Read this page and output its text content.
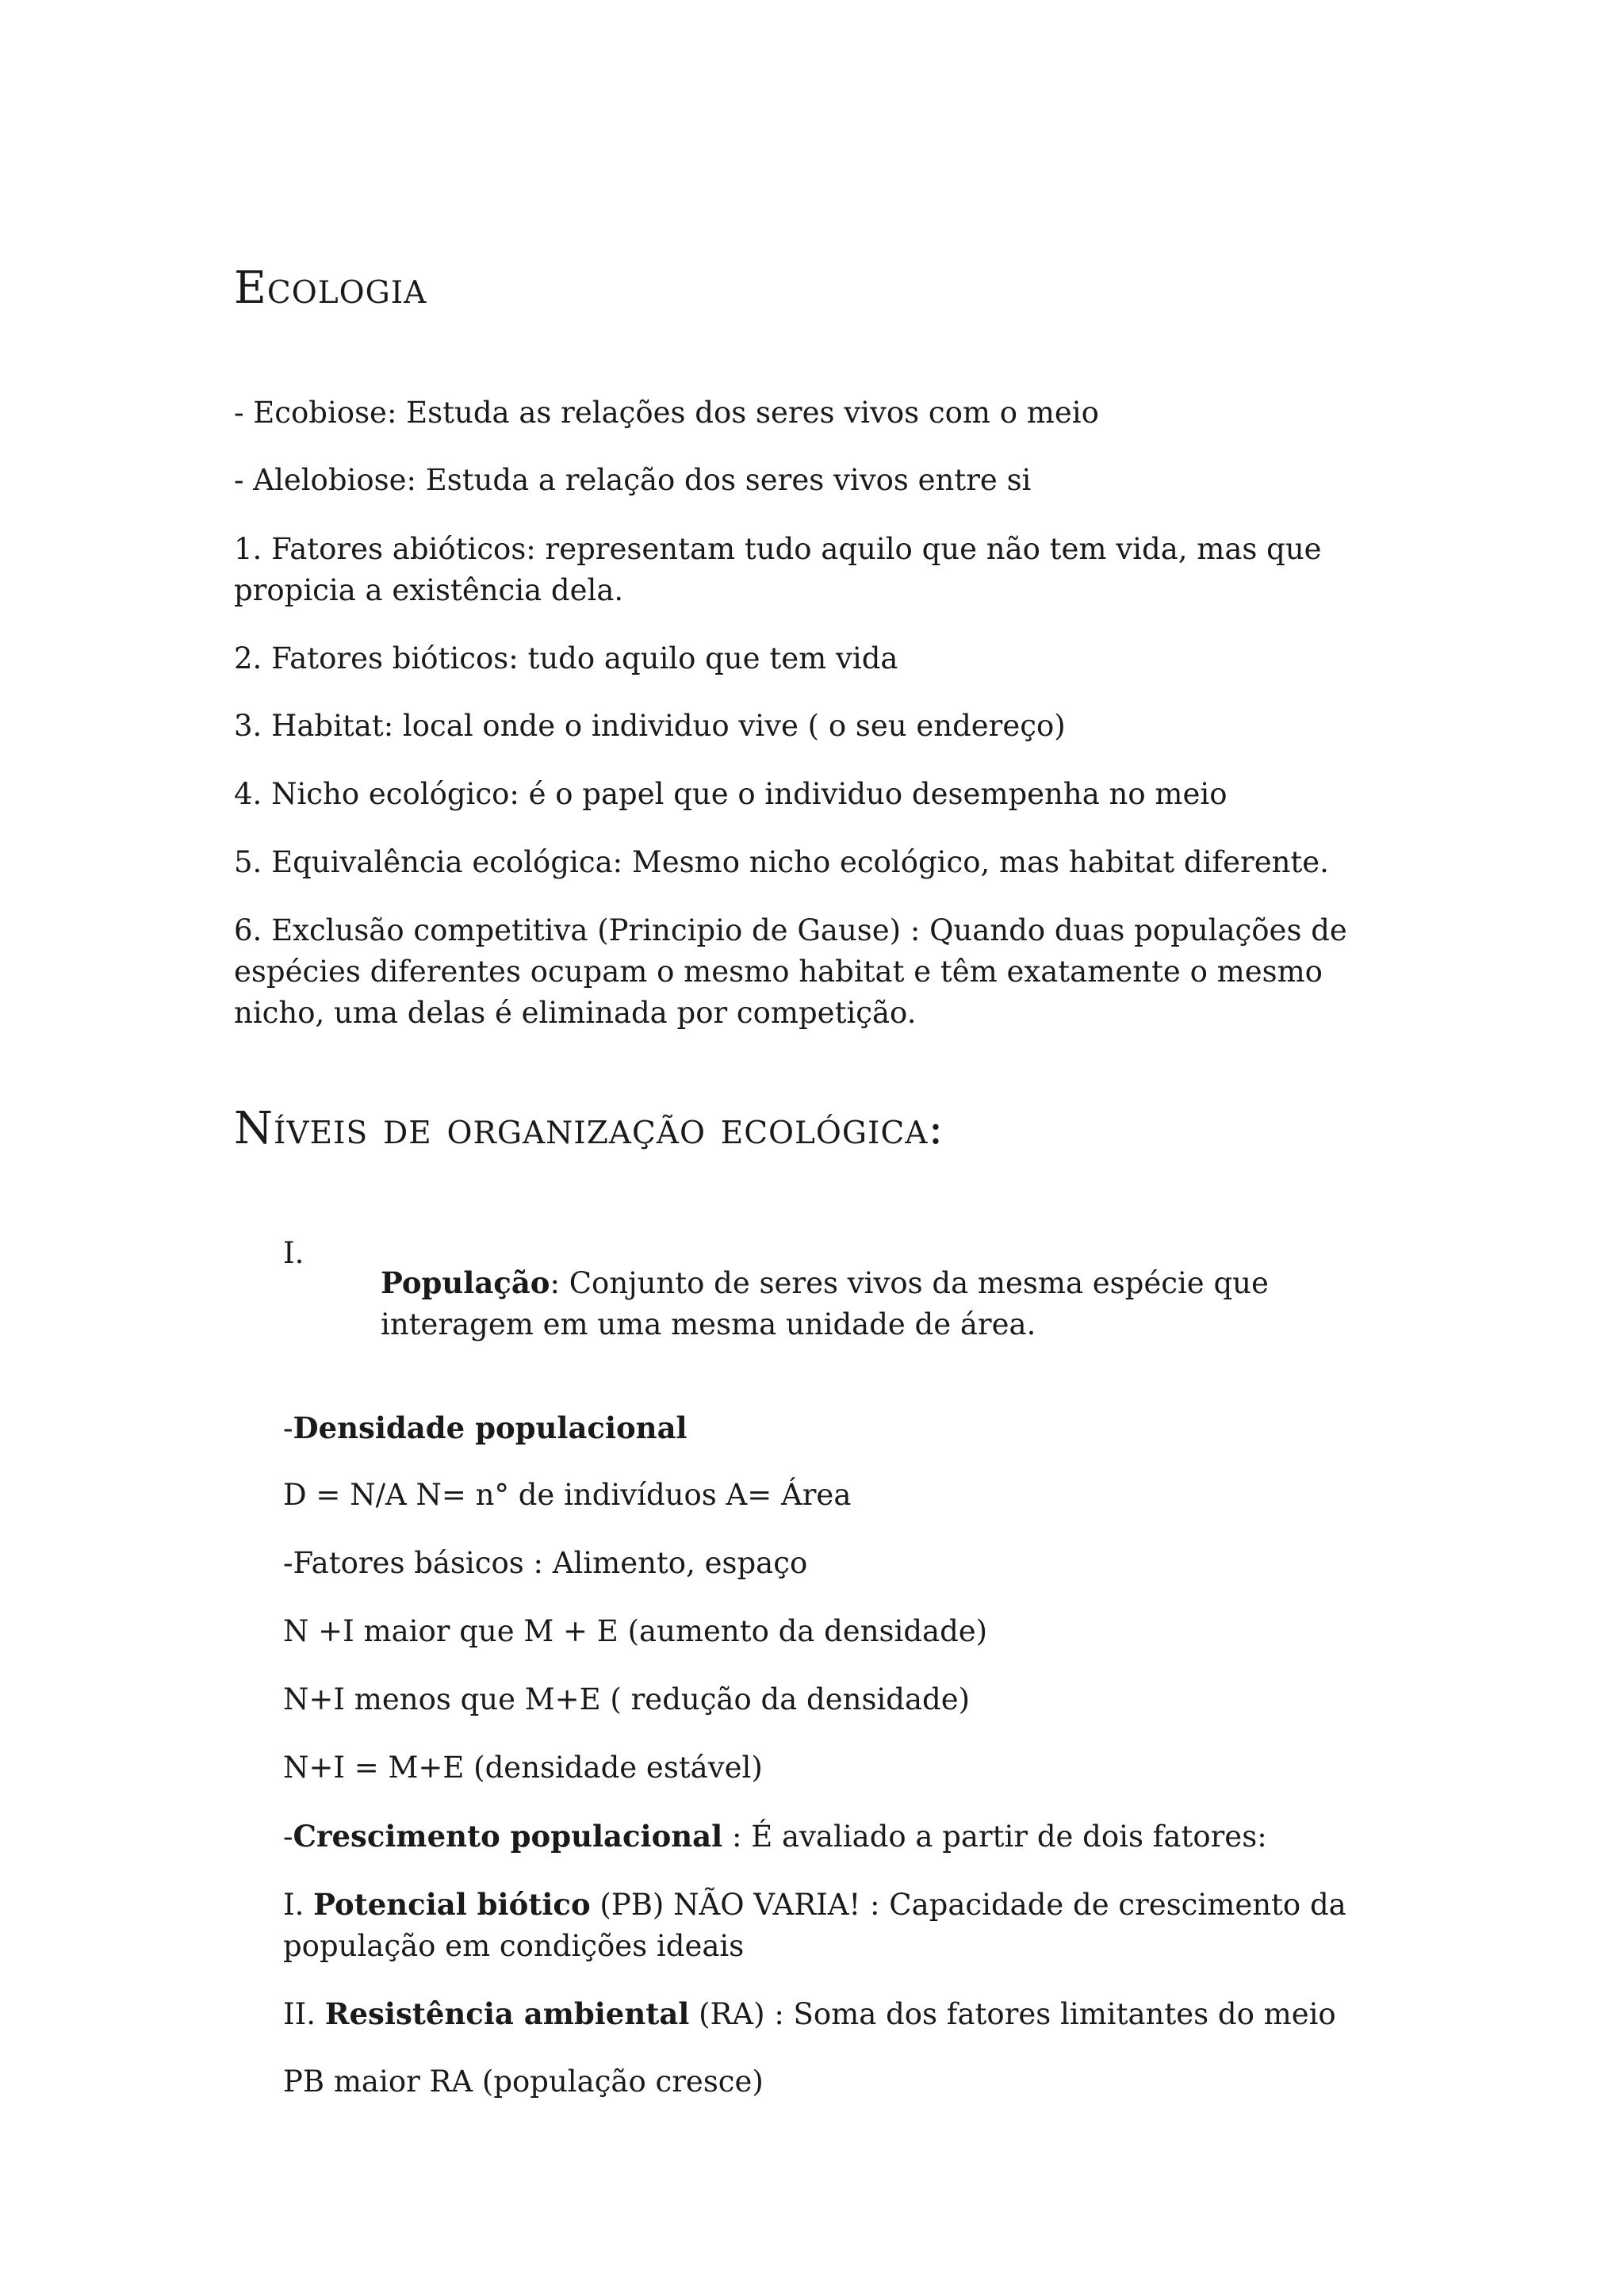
Ecologia

- Ecobiose: Estuda as relações dos seres vivos com o meio

- Alelobiose: Estuda a relação dos seres vivos entre si

1. Fatores abióticos: representam tudo aquilo que não tem vida, mas que propicia a existência dela.

2. Fatores bióticos: tudo aquilo que tem vida

3. Habitat: local onde o individuo vive ( o seu endereço)

4. Nicho ecológico: é o papel que o individuo desempenha no meio

5. Equivalência ecológica: Mesmo nicho ecológico, mas habitat diferente.

6. Exclusão competitiva (Principio de Gause) : Quando duas populações de espécies diferentes ocupam o mesmo habitat e têm exatamente o mesmo nicho, uma delas é eliminada por competição.

Níveis de organização ecológica:
I.

População: Conjunto de seres vivos da mesma espécie que interagem em uma mesma unidade de área.

-Densidade populacional

D = N/A N= n° de indivíduos A= Área

-Fatores básicos : Alimento, espaço

N +I maior que M + E (aumento da densidade)

N+I menos que M+E ( redução da densidade)

N+I = M+E (densidade estável)

-Crescimento populacional : É avaliado a partir de dois fatores:

I. Potencial biótico (PB) NÃO VARIA! : Capacidade de crescimento da população em condições ideais

II. Resistência ambiental (RA) : Soma dos fatores limitantes do meio

PB maior RA (população cresce)
